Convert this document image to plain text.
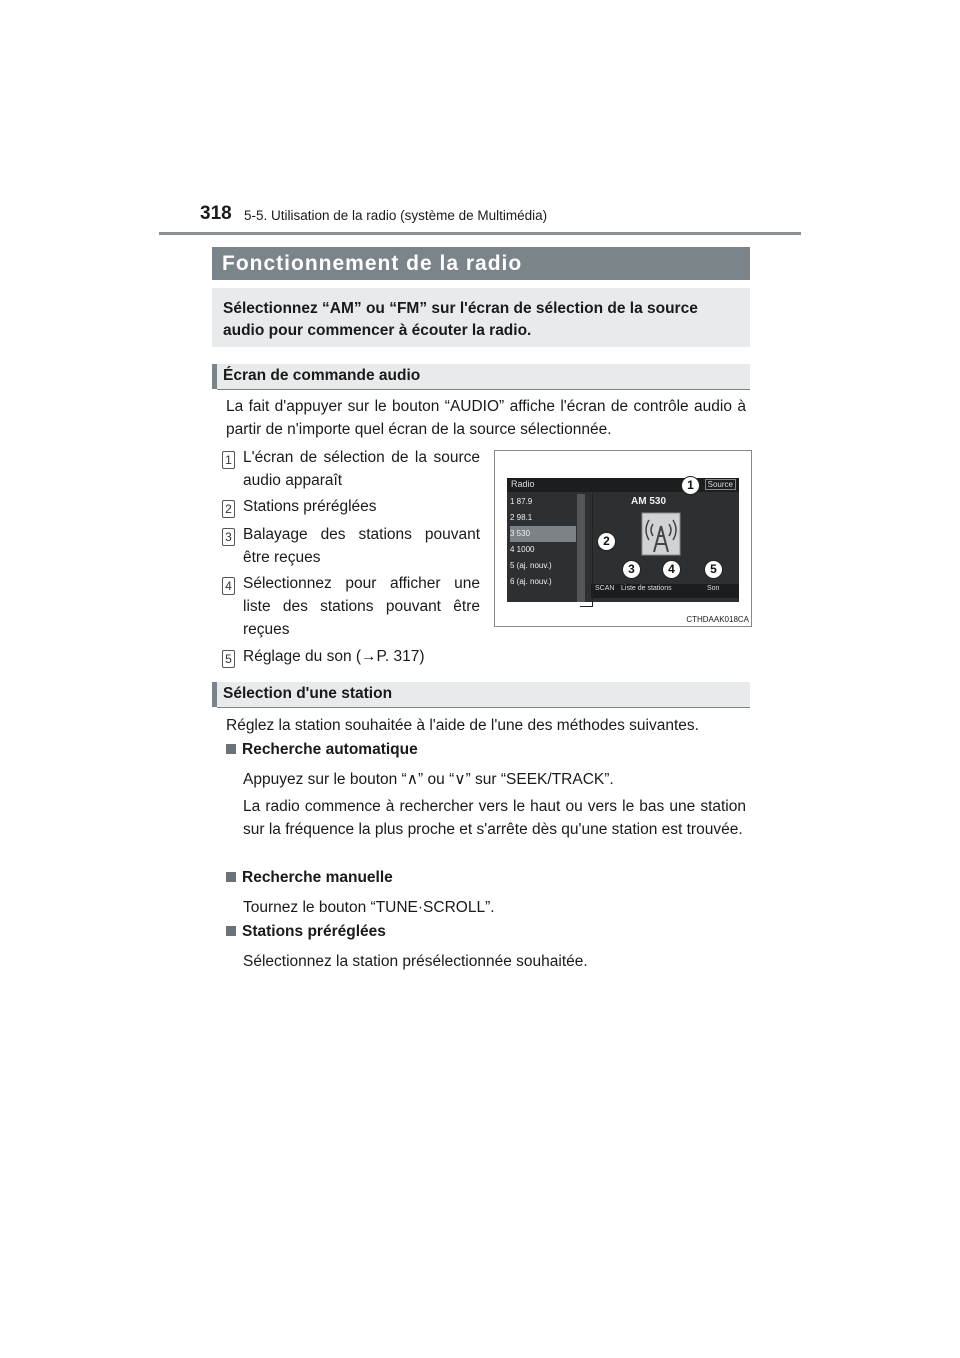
318 5-5. Utilisation de la radio (système de Multimédia)
Fonctionnement de la radio
Sélectionnez “AM” ou “FM” sur l'écran de sélection de la source audio pour commencer à écouter la radio.
Écran de commande audio
La fait d'appuyer sur le bouton “AUDIO” affiche l'écran de contrôle audio à partir de n'importe quel écran de la source sélectionnée.
1 L'écran de sélection de la source audio apparaît
2 Stations préréglées
3 Balayage des stations pouvant être reçues
4 Sélectionnez pour afficher une liste des stations pouvant être reçues
5 Réglage du son (→P. 317)
Radio	Source
1 87.9
2 98.1
3 530
4 1000
5 (aj. nouv.)
6 (aj. nouv.)
AM 530
SCAN Liste de stations	Son
1
2
3	4	5
CTHDAAK018CA
Sélection d'une station
Réglez la station souhaitée à l'aide de l'une des méthodes suivantes.
Recherche automatique
Appuyez sur le bouton “∧” ou “∨” sur “SEEK/TRACK”.
La radio commence à rechercher vers le haut ou vers le bas une station sur la fréquence la plus proche et s'arrête dès qu'une station est trouvée.
Recherche manuelle
Tournez le bouton “TUNE·SCROLL”.
Stations préréglées
Sélectionnez la station présélectionnée souhaitée.
